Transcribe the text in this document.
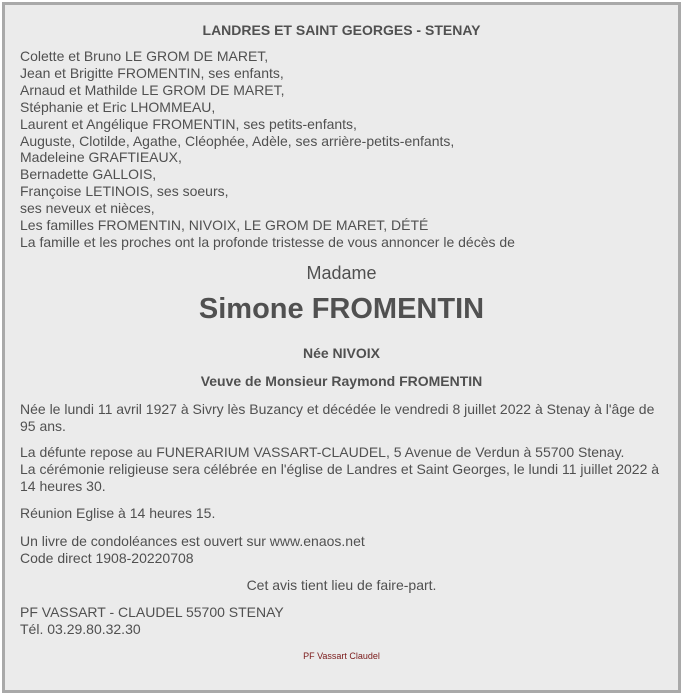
LANDRES ET SAINT GEORGES - STENAY
Colette et Bruno LE GROM DE MARET,
Jean et Brigitte FROMENTIN, ses enfants,
Arnaud et Mathilde LE GROM DE MARET,
Stéphanie et Eric LHOMMEAU,
Laurent et Angélique FROMENTIN, ses petits-enfants,
Auguste, Clotilde, Agathe, Cléophée, Adèle, ses arrière-petits-enfants,
Madeleine GRAFTIEAUX,
Bernadette GALLOIS,
Françoise LETINOIS, ses soeurs,
ses neveux et nièces,
Les familles FROMENTIN, NIVOIX, LE GROM DE MARET, DÉTÉ
La famille et les proches ont la profonde tristesse de vous annoncer le décès de
Madame
Simone FROMENTIN
Née NIVOIX
Veuve de Monsieur Raymond FROMENTIN
Née le lundi 11 avril 1927 à Sivry lès Buzancy et décédée le vendredi 8 juillet 2022 à Stenay à l'âge de 95 ans.
La défunte repose au FUNERARIUM VASSART-CLAUDEL, 5 Avenue de Verdun à 55700 Stenay.
La cérémonie religieuse sera célébrée en l'église de Landres et Saint Georges, le lundi 11 juillet 2022 à 14 heures 30.
Réunion Eglise à 14 heures 15.
Un livre de condoléances est ouvert sur www.enaos.net
Code direct 1908-20220708
Cet avis tient lieu de faire-part.
PF VASSART - CLAUDEL 55700 STENAY
Tél. 03.29.80.32.30
PF Vassart Claudel
